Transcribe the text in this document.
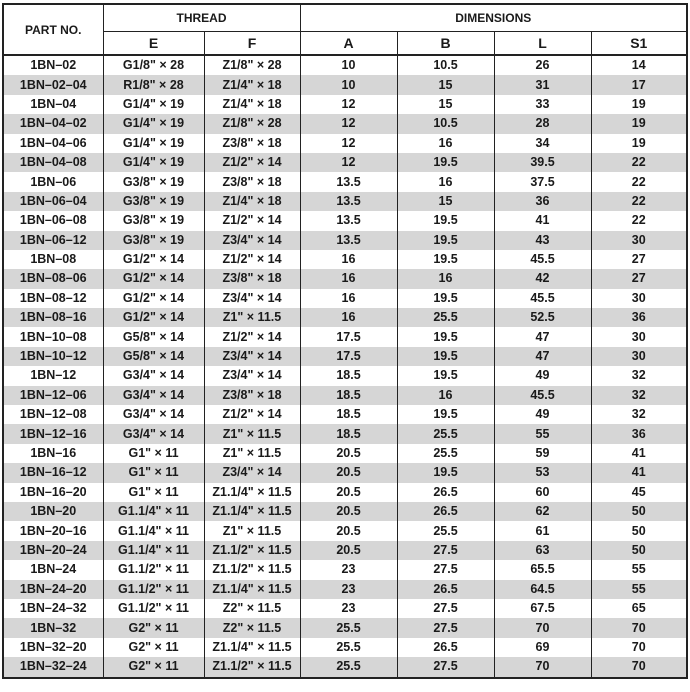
PART NO.	THREAD		DIMENSIONS			
	E	F	A	B	L	S1
1BN–02	G1/8" × 28	Z1/8" × 28	10	10.5	26	14
1BN–02–04	R1/8" × 28	Z1/4" × 18	10	15	31	17
1BN–04	G1/4" × 19	Z1/4" × 18	12	15	33	19
1BN–04–02	G1/4" × 19	Z1/8" × 28	12	10.5	28	19
1BN–04–06	G1/4" × 19	Z3/8" × 18	12	16	34	19
1BN–04–08	G1/4" × 19	Z1/2" × 14	12	19.5	39.5	22
1BN–06	G3/8" × 19	Z3/8" × 18	13.5	16	37.5	22
1BN–06–04	G3/8" × 19	Z1/4" × 18	13.5	15	36	22
1BN–06–08	G3/8" × 19	Z1/2" × 14	13.5	19.5	41	22
1BN–06–12	G3/8" × 19	Z3/4" × 14	13.5	19.5	43	30
1BN–08	G1/2" × 14	Z1/2" × 14	16	19.5	45.5	27
1BN–08–06	G1/2" × 14	Z3/8" × 18	16	16	42	27
1BN–08–12	G1/2" × 14	Z3/4" × 14	16	19.5	45.5	30
1BN–08–16	G1/2" × 14	Z1" × 11.5	16	25.5	52.5	36
1BN–10–08	G5/8" × 14	Z1/2" × 14	17.5	19.5	47	30
1BN–10–12	G5/8" × 14	Z3/4" × 14	17.5	19.5	47	30
1BN–12	G3/4" × 14	Z3/4" × 14	18.5	19.5	49	32
1BN–12–06	G3/4" × 14	Z3/8" × 18	18.5	16	45.5	32
1BN–12–08	G3/4" × 14	Z1/2" × 14	18.5	19.5	49	32
1BN–12–16	G3/4" × 14	Z1" × 11.5	18.5	25.5	55	36
1BN–16	G1" × 11	Z1" × 11.5	20.5	25.5	59	41
1BN–16–12	G1" × 11	Z3/4" × 14	20.5	19.5	53	41
1BN–16–20	G1" × 11	Z1.1/4" × 11.5	20.5	26.5	60	45
1BN–20	G1.1/4" × 11	Z1.1/4" × 11.5	20.5	26.5	62	50
1BN–20–16	G1.1/4" × 11	Z1" × 11.5	20.5	25.5	61	50
1BN–20–24	G1.1/4" × 11	Z1.1/2" × 11.5	20.5	27.5	63	50
1BN–24	G1.1/2" × 11	Z1.1/2" × 11.5	23	27.5	65.5	55
1BN–24–20	G1.1/2" × 11	Z1.1/4" × 11.5	23	26.5	64.5	55
1BN–24–32	G1.1/2" × 11	Z2" × 11.5	23	27.5	67.5	65
1BN–32	G2" × 11	Z2" × 11.5	25.5	27.5	70	70
1BN–32–20	G2" × 11	Z1.1/4" × 11.5	25.5	26.5	69	70
1BN–32–24	G2" × 11	Z1.1/2" × 11.5	25.5	27.5	70	70
